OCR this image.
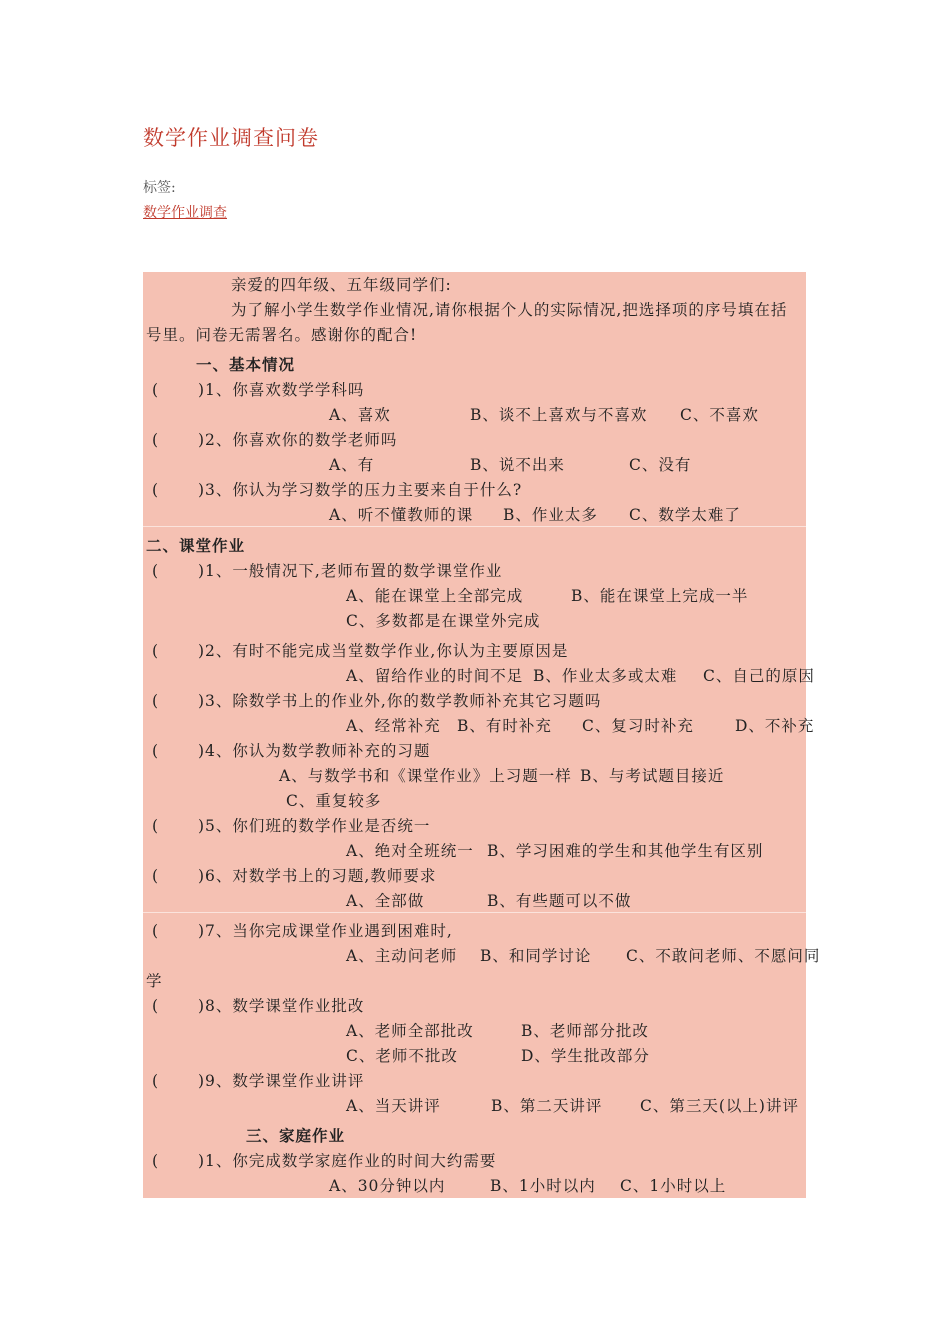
数学作业调查问卷
标签:
数学作业调查
亲爱的四年级、五年级同学们:
为了解小学生数学作业情况,请你根据个人的实际情况,把选择项的序号填在括
号里。问卷无需署名。感谢你的配合!
一、基本情况
(	)1、你喜欢数学学科吗
A、喜欢	B、谈不上喜欢与不喜欢 C、不喜欢
(	)2、你喜欢你的数学老师吗
A、有	B、说不出来	C、没有
(	)3、你认为学习数学的压力主要来自于什么?
A、听不懂教师的课 B、作业太多 C、数学太难了
二、课堂作业
(	)1、一般情况下,老师布置的数学课堂作业
A、能在课堂上全部完成	B、能在课堂上完成一半
C、多数都是在课堂外完成
(	)2、有时不能完成当堂数学作业,你认为主要原因是
A、留给作业的时间不足 B、作业太多或太难 C、自己的原因
(	)3、除数学书上的作业外,你的数学教师补充其它习题吗
A、经常补充 B、有时补充 C、复习时补充	D、不补充
(	)4、你认为数学教师补充的习题
A、与数学书和《课堂作业》上习题一样 B、与考试题目接近
C、重复较多
(	)5、你们班的数学作业是否统一
A、绝对全班统一 B、学习困难的学生和其他学生有区别
(	)6、对数学书上的习题,教师要求
A、全部做	B、有些题可以不做
(	)7、当你完成课堂作业遇到困难时,
A、主动问老师 B、和同学讨论 C、不敢问老师、不愿问同
学
(	)8、数学课堂作业批改
A、老师全部批改	B、老师部分批改
C、老师不批改	D、学生批改部分
(	)9、数学课堂作业讲评
A、当天讲评	B、第二天讲评 C、第三天(以上)讲评
三、家庭作业
(	)1、你完成数学家庭作业的时间大约需要
A、30分钟以内	B、1小时以内 C、1小时以上
